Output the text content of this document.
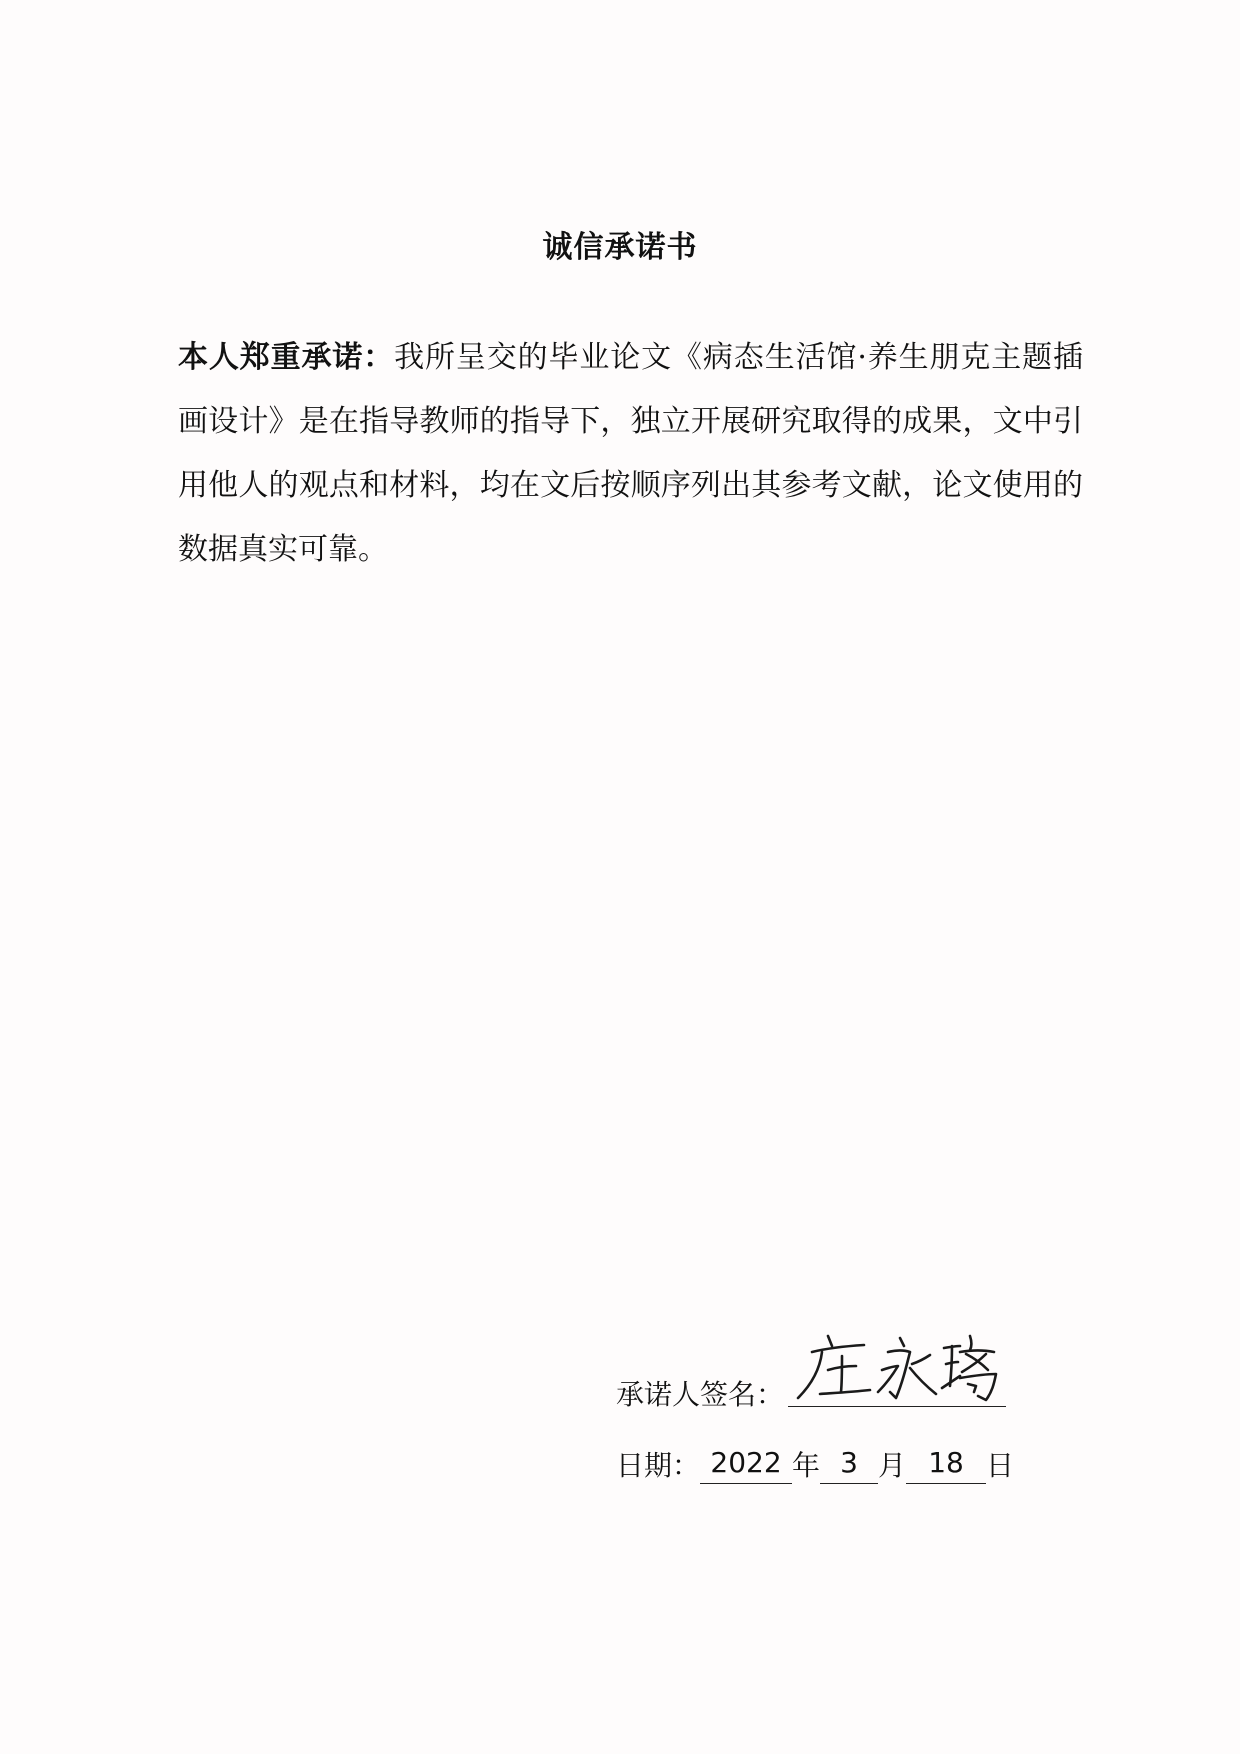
诚信承诺书

本人郑重承诺：我所呈交的毕业论文《病态生活馆·养生朋克主题插画设计》是在指导教师的指导下，独立开展研究取得的成果，文中引用他人的观点和材料，均在文后按顺序列出其参考文献，论文使用的数据真实可靠。

承诺人签名：
日期： 2022 年 3 月 18 日
